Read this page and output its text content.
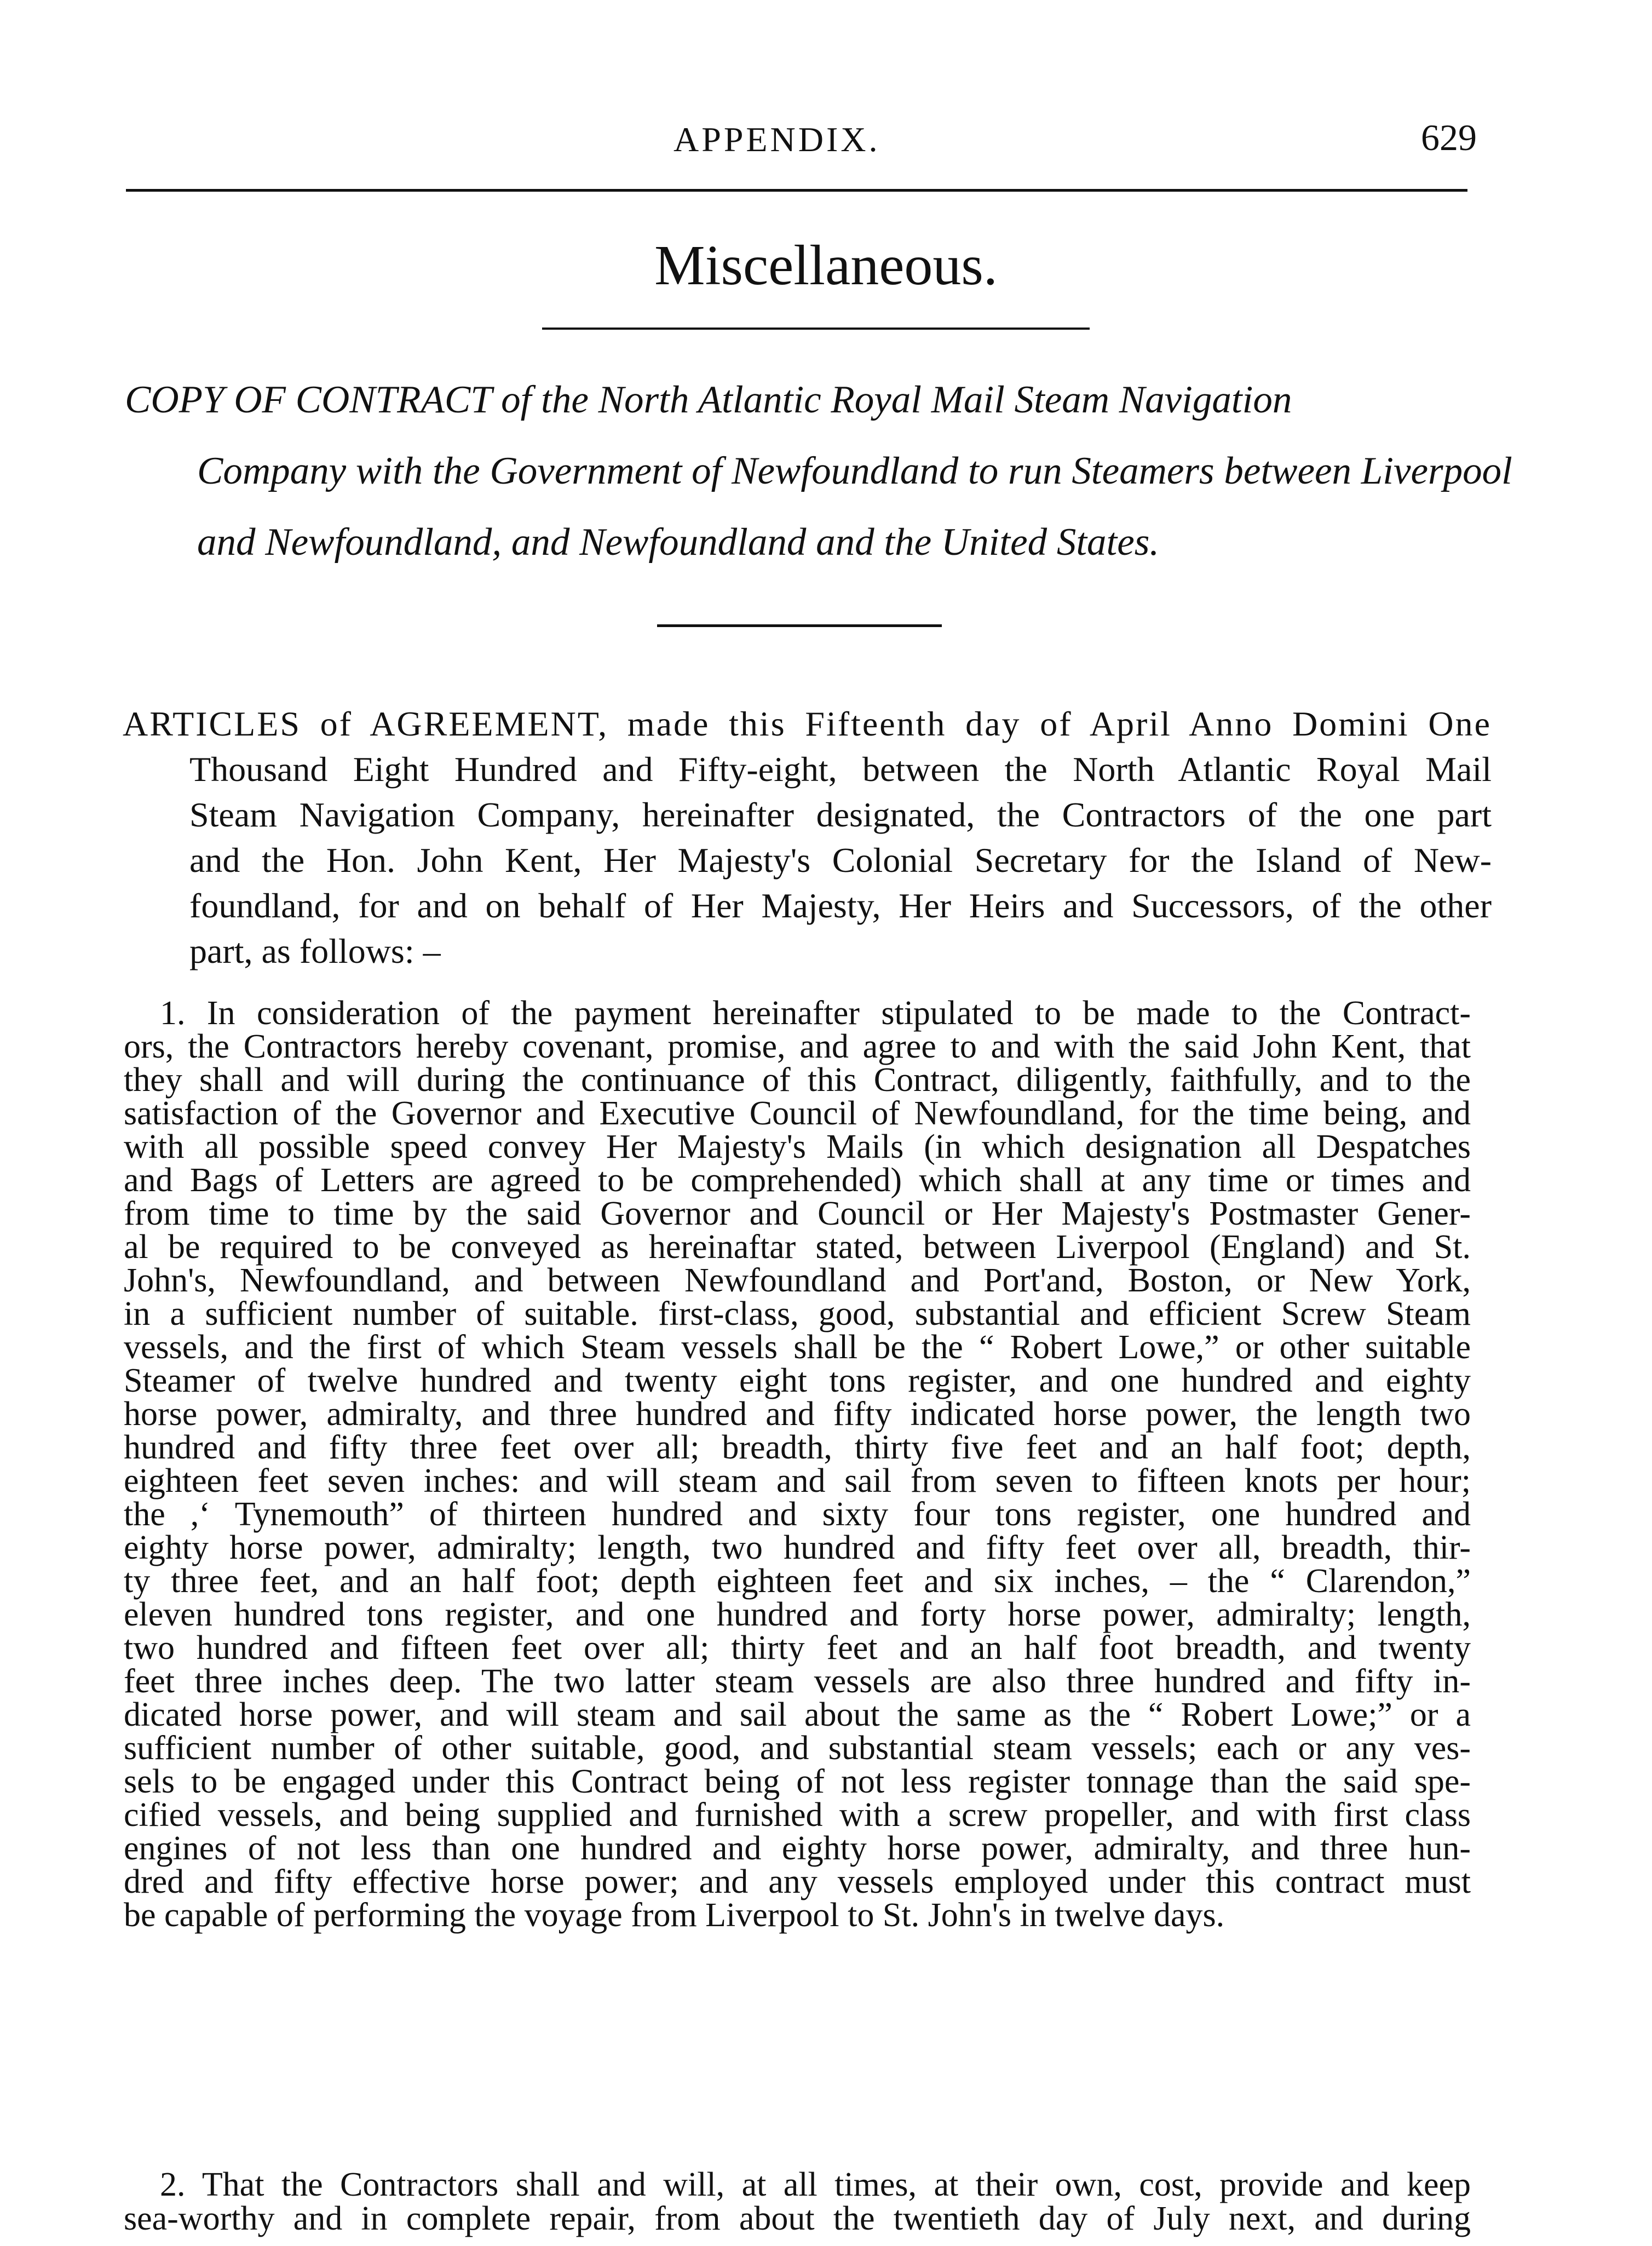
APPENDIX.	629
Miscellaneous.
COPY OF CONTRACT of the North Atlantic Royal Mail Steam Navigation
Company with the Government of Newfoundland to run Steamers between Liverpool
and Newfoundland, and Newfoundland and the United States.
ARTICLES of AGREEMENT, made this Fifteenth day of April Anno Domini One
Thousand Eight Hundred and Fifty-eight, between the North Atlantic Royal Mail
Steam Navigation Company, hereinafter designated, the Contractors of the one part
and the Hon. John Kent, Her Majesty's Colonial Secretary for the Island of New-
foundland, for and on behalf of Her Majesty, Her Heirs and Successors, of the other
part, as follows: –
1. In consideration of the payment hereinafter stipulated to be made to the Contract-
ors, the Contractors hereby covenant, promise, and agree to and with the said John Kent, that
they shall and will during the continuance of this Contract, diligently, faithfully, and to the
satisfaction of the Governor and Executive Council of Newfoundland, for the time being, and
with all possible speed convey Her Majesty's Mails (in which designation all Despatches
and Bags of Letters are agreed to be comprehended) which shall at any time or times and
from time to time by the said Governor and Council or Her Majesty's Postmaster Gener-
al be required to be conveyed as hereinaftar stated, between Liverpool (England) and St.
John's, Newfoundland, and between Newfoundland and Port'and, Boston, or New York,
in a sufficient number of suitable. first-class, good, substantial and efficient Screw Steam
vessels, and the first of which Steam vessels shall be the “ Robert Lowe,” or other suitable
Steamer of twelve hundred and twenty eight tons register, and one hundred and eighty
horse power, admiralty, and three hundred and fifty indicated horse power, the length two
hundred and fifty three feet over all; breadth, thirty five feet and an half foot; depth,
eighteen feet seven inches: and will steam and sail from seven to fifteen knots per hour;
the ,‘ Tynemouth” of thirteen hundred and sixty four tons register, one hundred and
eighty horse power, admiralty; length, two hundred and fifty feet over all, breadth, thir-
ty three feet, and an half foot; depth eighteen feet and six inches, – the “ Clarendon,”
eleven hundred tons register, and one hundred and forty horse power, admiralty; length,
two hundred and fifteen feet over all; thirty feet and an half foot breadth, and twenty
feet three inches deep. The two latter steam vessels are also three hundred and fifty in-
dicated horse power, and will steam and sail about the same as the “ Robert Lowe;” or a
sufficient number of other suitable, good, and substantial steam vessels; each or any ves-
sels to be engaged under this Contract being of not less register tonnage than the said spe-
cified vessels, and being supplied and furnished with a screw propeller, and with first class
engines of not less than one hundred and eighty horse power, admiralty, and three hun-
dred and fifty effective horse power; and any vessels employed under this contract must
be capable of performing the voyage from Liverpool to St. John's in twelve days.
2. That the Contractors shall and will, at all times, at their own, cost, provide and keep
sea-worthy and in complete repair, from about the twentieth day of July next, and during
